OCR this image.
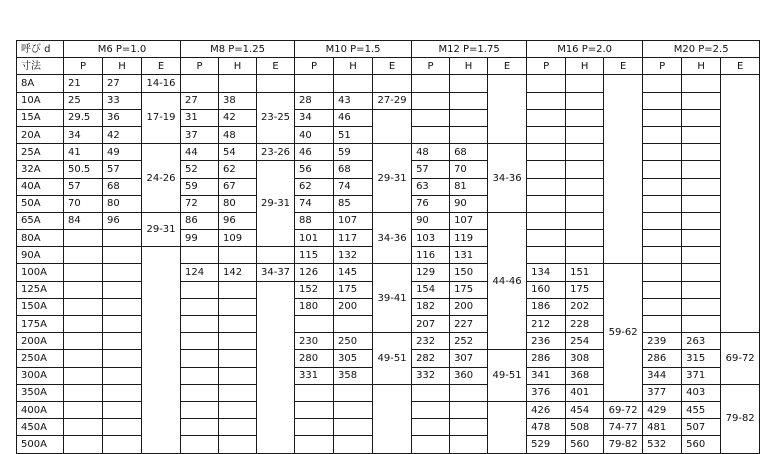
呼び d	M6 P=1.0			M8 P=1.25			M10 P=1.5			M12 P=1.75			M16 P=2.0			M20 P=2.5		
寸法	P	H	E	P	H	E	P	H	E	P	H	E	P	H	E	P	H	E
8A	21	27	14-16															
10A	25	33	17-19	27	38	23-25	28	43	27-29									
15A	29.5	36		31	42		34	46										
20A	34	42		37	48		40	51										
25A	41	49	24-26	44	54	23-26	46	59	29-31	48	68	34-36						
32A	50.5	57		52	62	29-31	56	68		57	70							
40A	57	68		59	67		62	74		63	81							
50A	70	80		72	80		74	85		76	90							
65A	84	96	29-31	86	96		88	107	34-36	90	107	44-46						
80A				99	109		101	117		103	119							
90A							115	132		116	131							
100A				124	142	34-37	126	145	39-41	129	150		134	151	59-62			
125A							152	175		154	175		160	175				
150A							180	200		182	200		186	202				
175A										207	227		212	228				
200A							230	250	49-51	232	252		236	254		239	263	69-72
250A							280	305		282	307	49-51	286	308		286	315	
300A							331	358		332	360		341	368		344	371	
350A													376	401		377	403	79-82
400A													426	454	69-72	429	455	
450A													478	508	74-77	481	507	
500A													529	560	79-82	532	560	
